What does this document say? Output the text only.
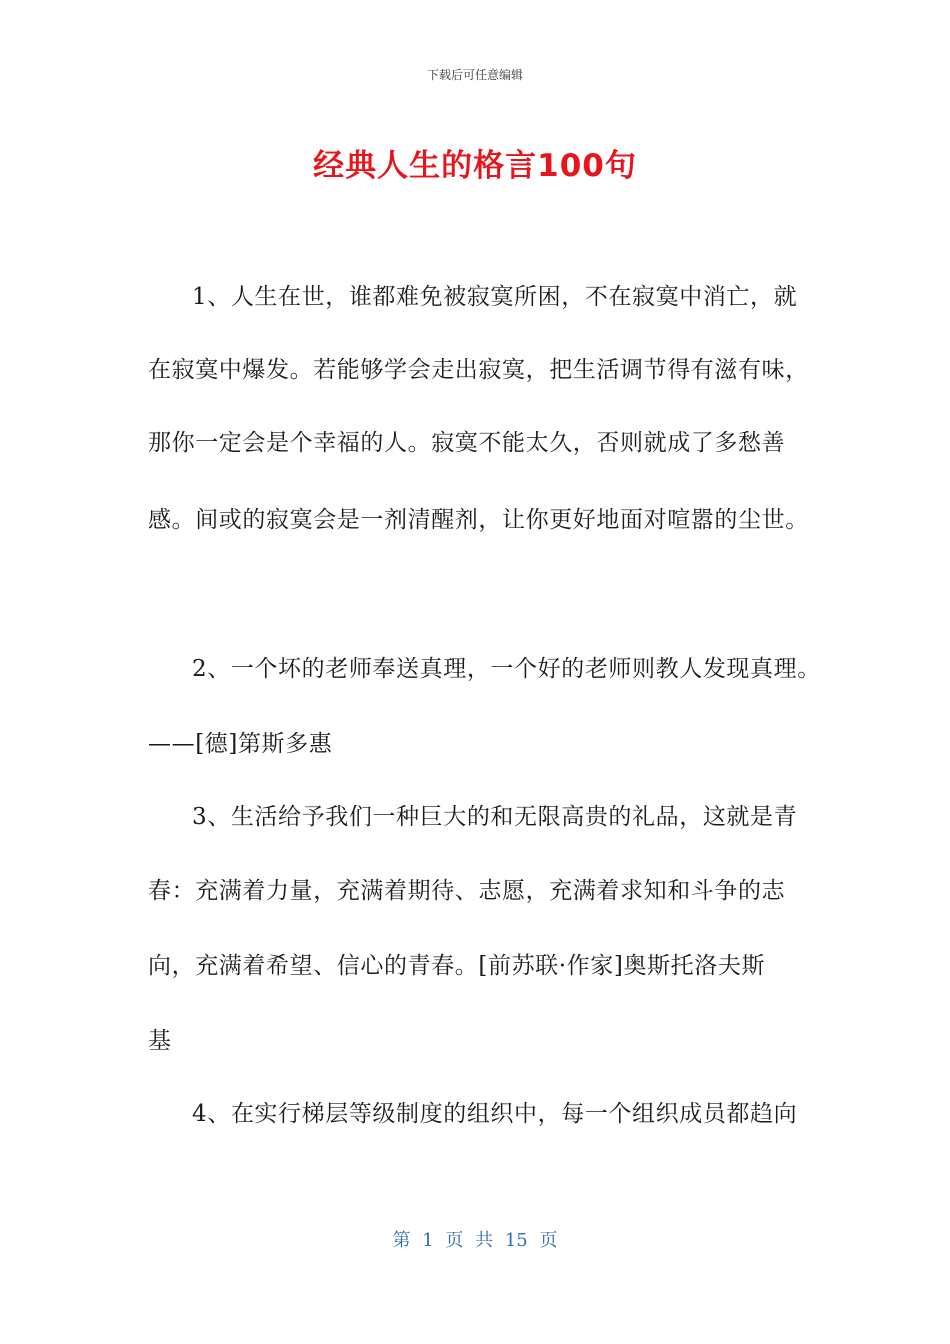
下载后可任意编辑
经典人生的格言100句
1、人生在世，谁都难免被寂寞所困，不在寂寞中消亡，就
在寂寞中爆发。若能够学会走出寂寞，把生活调节得有滋有味，
那你一定会是个幸福的人。寂寞不能太久，否则就成了多愁善
感。间或的寂寞会是一剂清醒剂，让你更好地面对喧嚣的尘世。
2、一个坏的老师奉送真理，一个好的老师则教人发现真理。
——[德]第斯多惠
3、生活给予我们一种巨大的和无限高贵的礼品，这就是青
春：充满着力量，充满着期待、志愿，充满着求知和斗争的志
向，充满着希望、信心的青春。[前苏联·作家]奥斯托洛夫斯
基
4、在实行梯层等级制度的组织中，每一个组织成员都趋向
第 1 页 共 15 页
